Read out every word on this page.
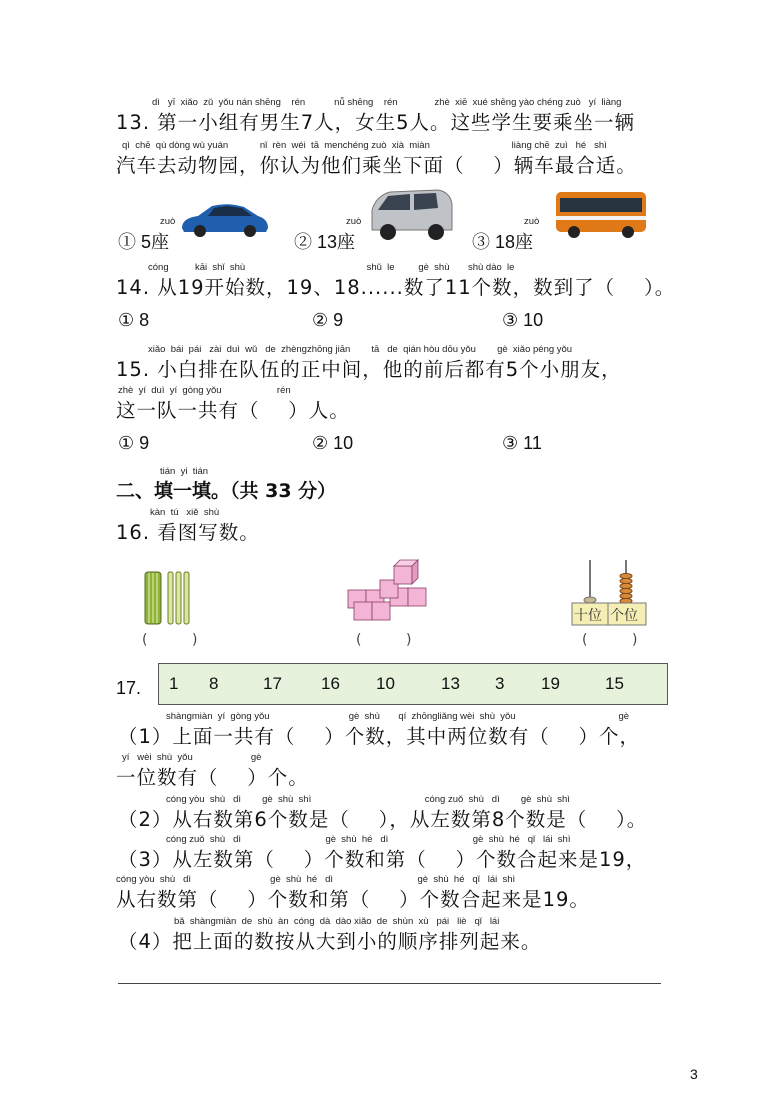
dì   yī  xiǎo  zǔ  yǒu nán shēng    rén           nǚ shēng    rén              zhè  xiē  xué shēng yào chéng zuò   yí  liàng
13. 第一小组有男生7人，女生5人。这些学生要乘坐一辆
qì  chē  qù dòng wù yuán            nǐ  rèn  wéi  tā  menchéng zuò  xià  miàn                               liàng chē  zuì   hé   shì
汽车去动物园，你认为他们乘坐下面（    ）辆车最合适。
① 5座
zuò
② 13座
zuò
③ 18座
zuò
cóng          kāi  shǐ  shù                                              shǔ  le         gè  shù       shù dào  le
14. 从19开始数，19、18......数了11个数，数到了（    ）。
① 8	② 9	③ 10
xiǎo  bái  pái   zài  duì  wǔ   de  zhèngzhōng jiān        tā   de  qián hòu dōu yǒu        gè  xiǎo péng yǒu
15. 小白排在队伍的正中间，他的前后都有5个小朋友，
zhè  yí  duì  yí  gòng yǒu                     rén
这一队一共有（    ）人。
① 9	② 10	③ 11
tián  yi  tián
二、填一填。（共 33 分）
kàn  tú   xiě  shù
16. 看图写数。
(          )	(          )
十位 个位
(          )
17. 1 8	17 16 10	13 3 19	15
shàngmiàn  yí  gòng yǒu                              gè  shù       qí  zhōngliǎng wèi  shù  yǒu                                       gè
（1）上面一共有（    ）个数，其中两位数有（    ）个，
yí   wèi  shù  yǒu                      gè
一位数有（    ）个。
cóng yòu  shù   dì        gè  shù  shì                                           cóng zuǒ  shù   dì        gè  shù  shì
（2）从右数第6个数是（    ），从左数第8个数是（    ）。
cóng zuǒ  shù   dì                                gè  shù  hé   dì                                gè  shù  hé   qǐ   lái  shì
（3）从左数第（    ）个数和第（    ）个数合起来是19，
cóng yòu  shù   dì                              gè  shù  hé   dì                                gè  shù  hé   qǐ   lái  shì
从右数第（    ）个数和第（    ）个数合起来是19。
bǎ  shàngmiàn  de  shù  àn  cóng  dà  dào xiǎo  de  shùn  xù   pái   liè   qǐ   lái
（4）把上面的数按从大到小的顺序排列起来。
3
